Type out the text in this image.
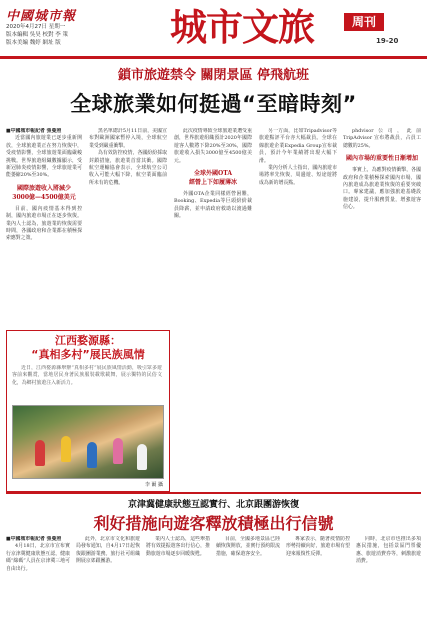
中國城市報
2020年4月27日 星期一
版本編輯 吳昊 校對 李 策
版本美編 魏婷 網址 版	城市文旅	周刊
19-20
鎖市旅遊禁令 關閉景區 停飛航班
全球旅業如何挺過“至暗時刻”

■中國城市報記者 張曼照

近當國內旅遊業已逐步重新開放，全球旅遊業正在努力恢復中，受疫情影響，全球旅遊業面臨嚴峻挑戰。世界旅遊組織數據顯示，受新冠肺炎疫情影響，全球旅遊業可能萎縮20%至30%。

國際旅遊收入將減少
3000億—4500億美元

目前，國內疫情基本得到控制，國內旅遊市場正在逐步恢復。業內人士認為，旅遊業的恢復需要時間，各國政府和企業都在積極探索應對之策。

黑名單總計5月11日前，美國宣布對歐洲國家暫停入境，全球航空業受到嚴重衝擊。

為有效防控疫情，各國紛紛採取封鎖措施，旅遊業首當其衝。國際航空運輸協會表示，全球航空公司收入可能大幅下降，航空業面臨前所未有的危機。

此次疫情導致全球旅遊業遭受重創，世界旅遊組織預計2020年國際遊客人數將下降20%至30%，國際旅遊收入損失3000億至4500億美元。

全球外國OTA
經營上下如履薄冰

外國OTA企業同樣經營困難，Booking、Expedia等巨頭紛紛裁員降薪，並申請政府救助以渡過難關。

另一方面，比如Tripadvisor等旅遊點評平台亦大幅裁員。全球在線旅遊企業Expedia Group宣布裁員，預計今年業績將出現大幅下滑。

業內分析人士指出，國內旅遊市場將率先恢復，周邊遊、短途遊將成為新的增長點。

phdvisor公司，此前 TripAdvisor 宣布將裁員，占員工總數的25%。

國內市場的重要性日漸增加

事實上，為應對疫情衝擊，各國政府和企業積極探索國內市場，國內旅遊成為旅遊業恢復的重要突破口。專家建議，應加強旅遊基礎設施建設，提升服務質量，增強遊客信心。

江西婺源縣：
“真相多村”展民族風情

近日，江西婺源縣舉辦“真相多村”展民族風情活動，吸引眾多遊客前來觀賞，當地居民身著民族服裝載歌載舞，展示獨特的民俗文化，為鄉村旅遊注入新活力。

李 爾 攝
京津冀健康狀態互認實行、北京跟團游恢復
利好措施向遊客釋放積極出行信號

■中國城市報記者 張曼照

4月18日，北京市宣布實行京津冀健康狀態互認，健康碼“綠碼”人員在京津冀三地可自由出行。

此外，北京市文化和旅遊局發布通知，自4月17日起恢復跟團游業務。旅行社可組織開展京郊跟團游。

業內人士認為，這些舉措將有效提振遊客出行信心，推動旅遊市場逐步回暖復甦。

目前，全國多地景區已陸續恢復開放，並實行預約限流措施，確保遊客安全。

專家表示，隨著疫情防控形勢持續向好，旅遊市場有望迎來報復性反彈。

同時，北京市也推出多項惠民措施，包括景區門票優惠、旅遊消費券等，刺激旅遊消費。
